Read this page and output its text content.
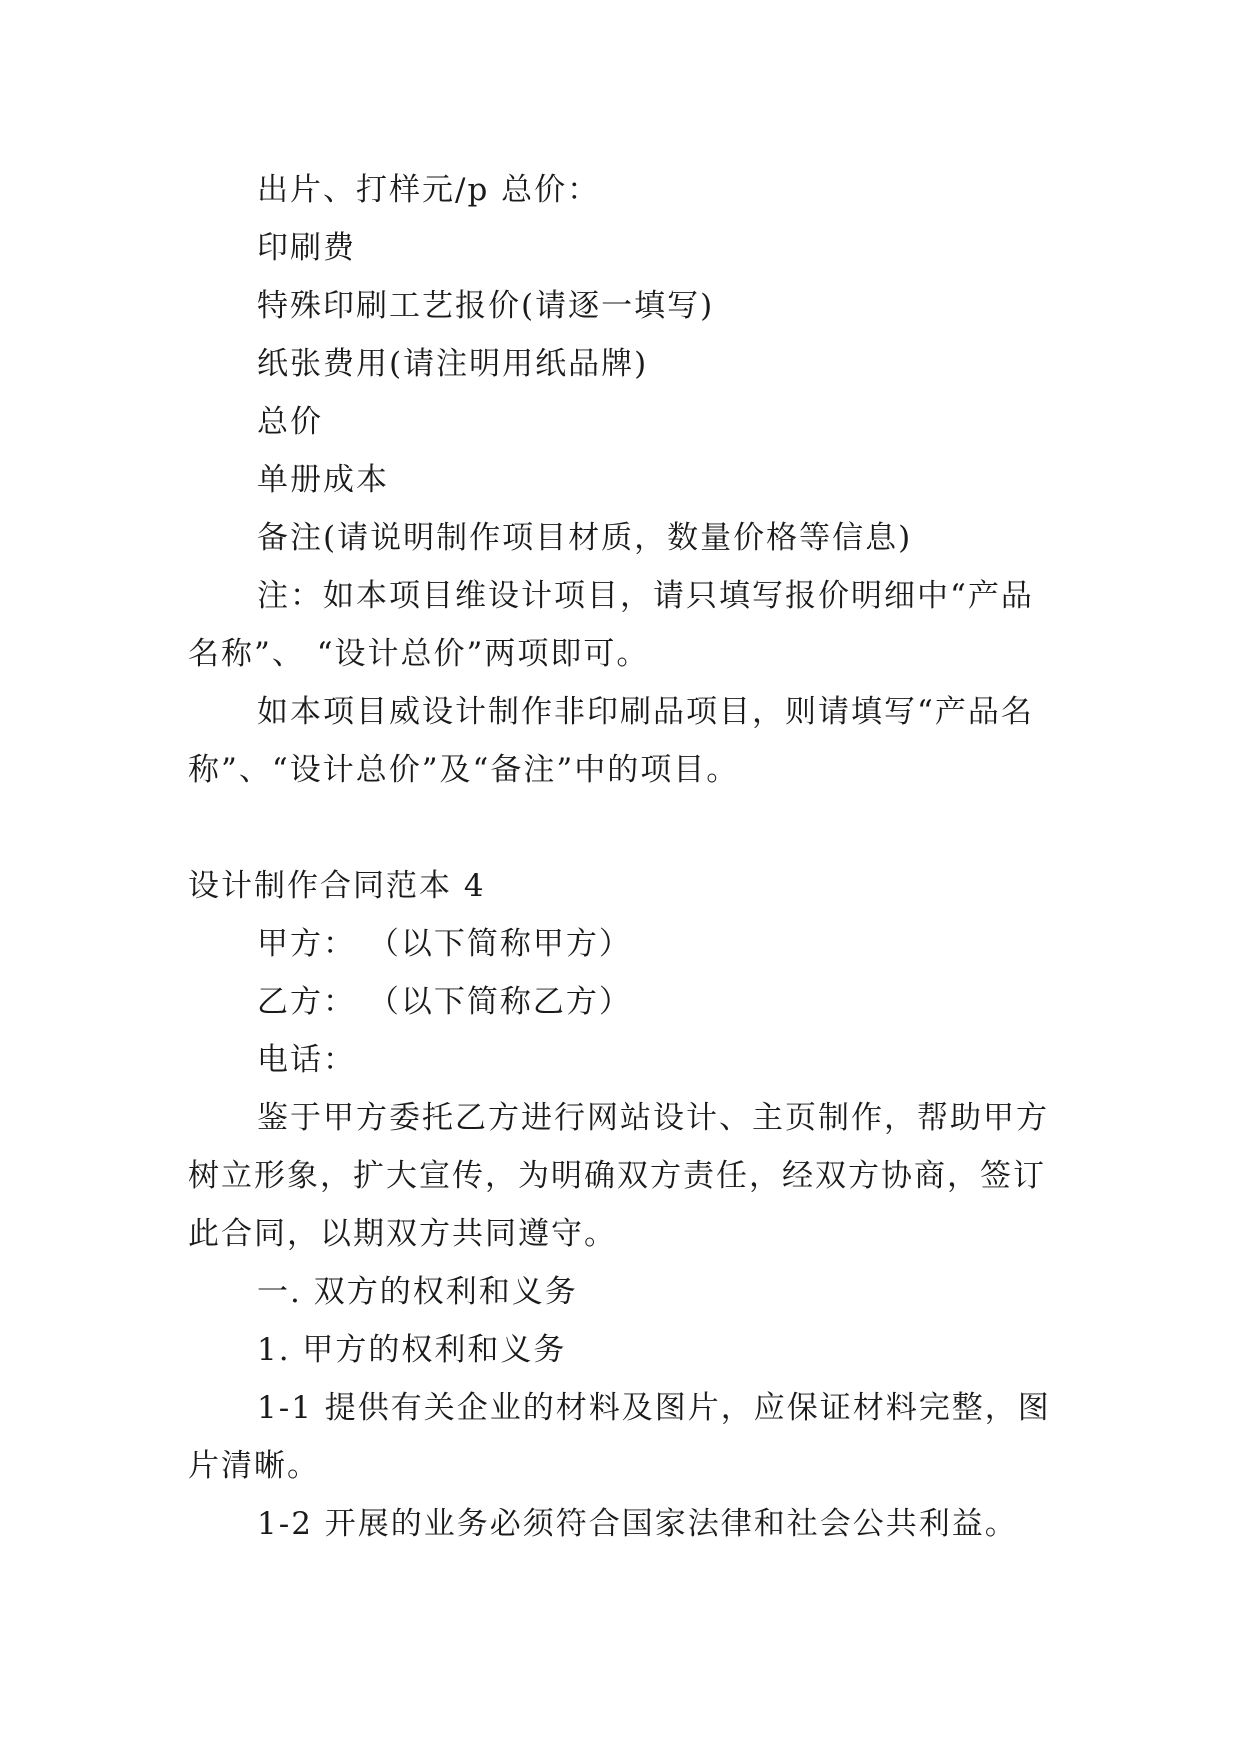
出片、打样元/p 总价：
印刷费
特殊印刷工艺报价(请逐一填写)
纸张费用(请注明用纸品牌)
总价
单册成本
备注(请说明制作项目材质，数量价格等信息)
注：如本项目维设计项目，请只填写报价明细中“产品
名称”、 “设计总价”两项即可。
如本项目威设计制作非印刷品项目，则请填写“产品名
称”、“设计总价”及“备注”中的项目。
设计制作合同范本 4
甲方： （以下简称甲方）
乙方： （以下简称乙方）
电话：
鉴于甲方委托乙方进行网站设计、主页制作，帮助甲方
树立形象，扩大宣传，为明确双方责任，经双方协商，签订
此合同，以期双方共同遵守。
一. 双方的权利和义务
1. 甲方的权利和义务
1-1 提供有关企业的材料及图片，应保证材料完整，图
片清晰。
1-2 开展的业务必须符合国家法律和社会公共利益。
